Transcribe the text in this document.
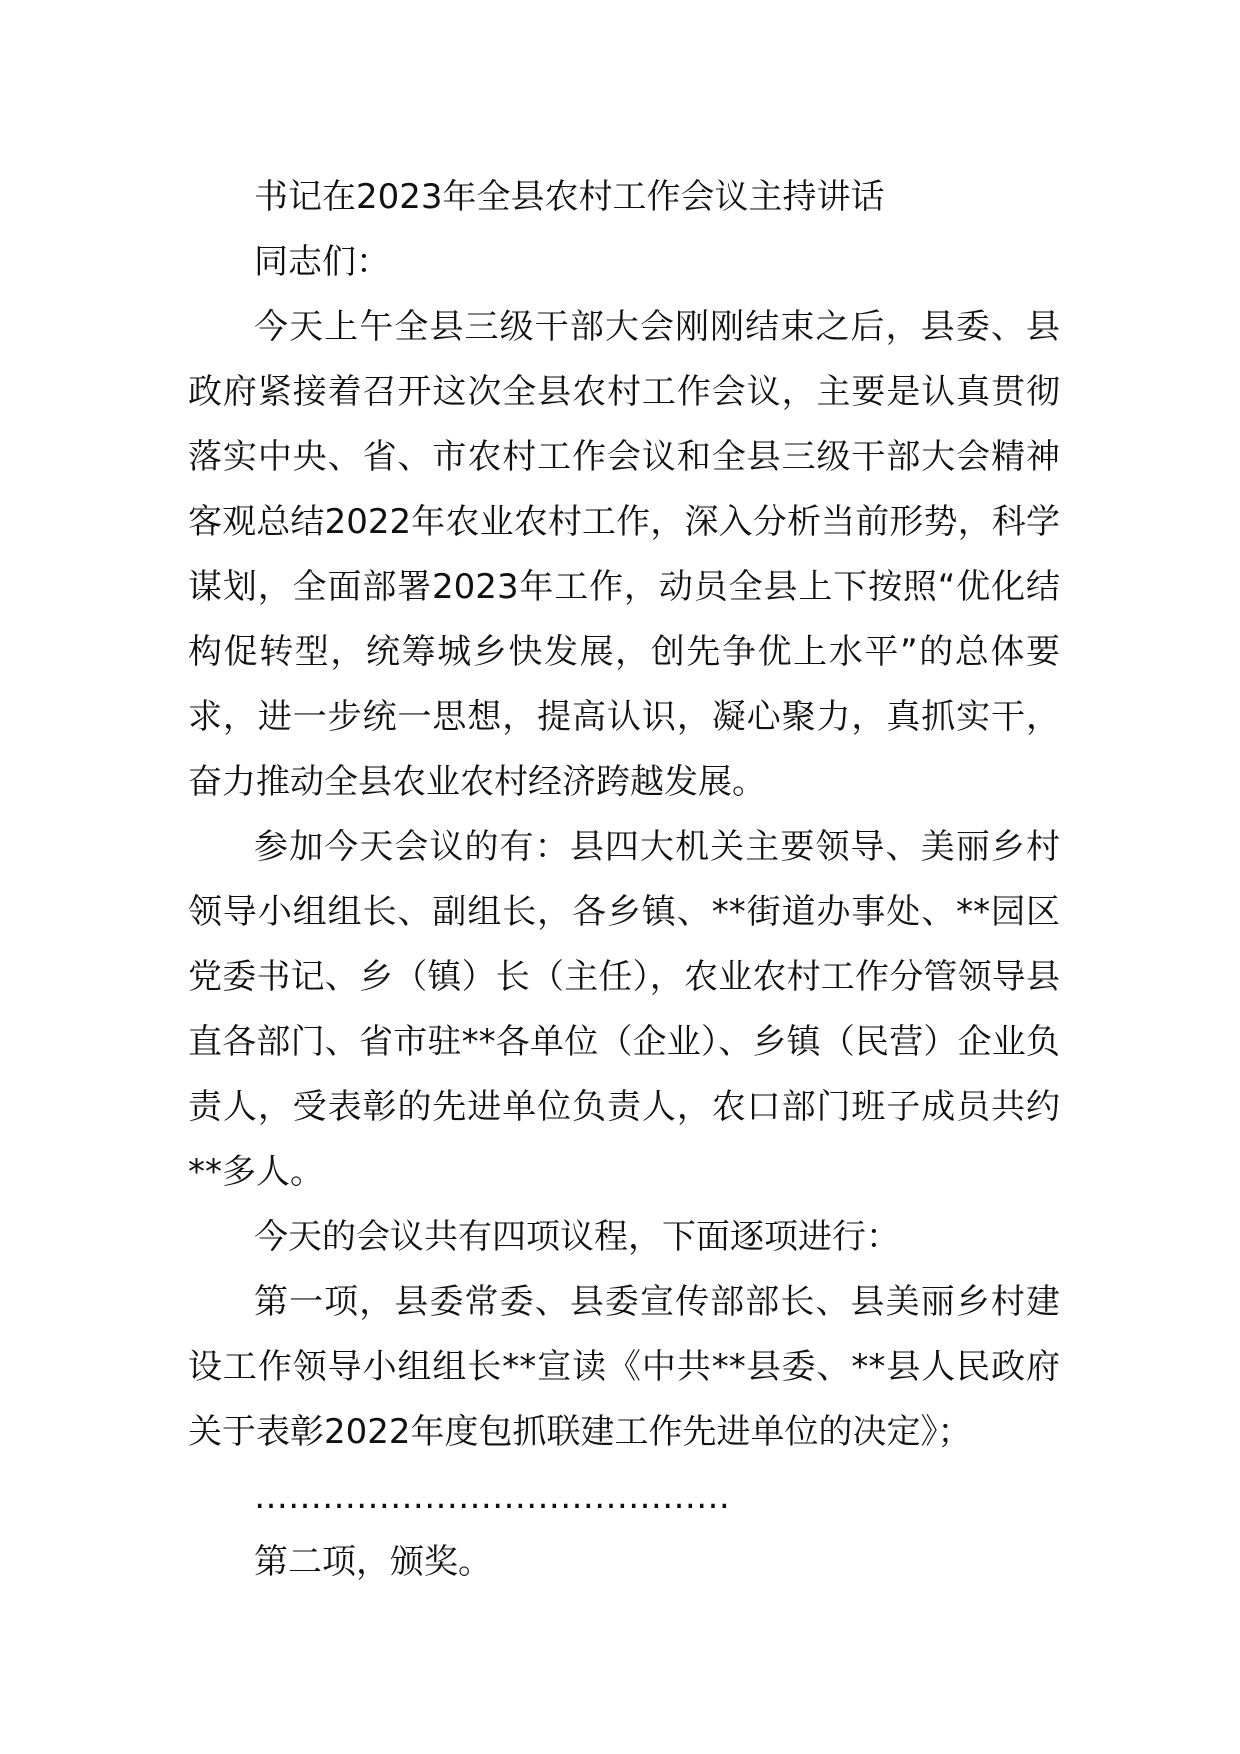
书记在2023年全县农村工作会议主持讲话

同志们：

今天上午全县三级干部大会刚刚结束之后，县委、县政府紧接着召开这次全县农村工作会议，主要是认真贯彻落实中央、省、市农村工作会议和全县三级干部大会精神客观总结2022年农业农村工作，深入分析当前形势，科学谋划，全面部署2023年工作，动员全县上下按照“优化结构促转型，统筹城乡快发展，创先争优上水平”的总体要求，进一步统一思想，提高认识，凝心聚力，真抓实干，奋力推动全县农业农村经济跨越发展。

参加今天会议的有：县四大机关主要领导、美丽乡村领导小组组长、副组长，各乡镇、**街道办事处、**园区党委书记、乡（镇）长（主任），农业农村工作分管领导县直各部门、省市驻**各单位（企业）、乡镇（民营）企业负责人，受表彰的先进单位负责人，农口部门班子成员共约**多人。

今天的会议共有四项议程，下面逐项进行：

第一项，县委常委、县委宣传部部长、县美丽乡村建设工作领导小组组长**宣读《中共**县委、**县人民政府关于表彰2022年度包抓联建工作先进单位的决定》；

……………………………………

第二项，颁奖。
